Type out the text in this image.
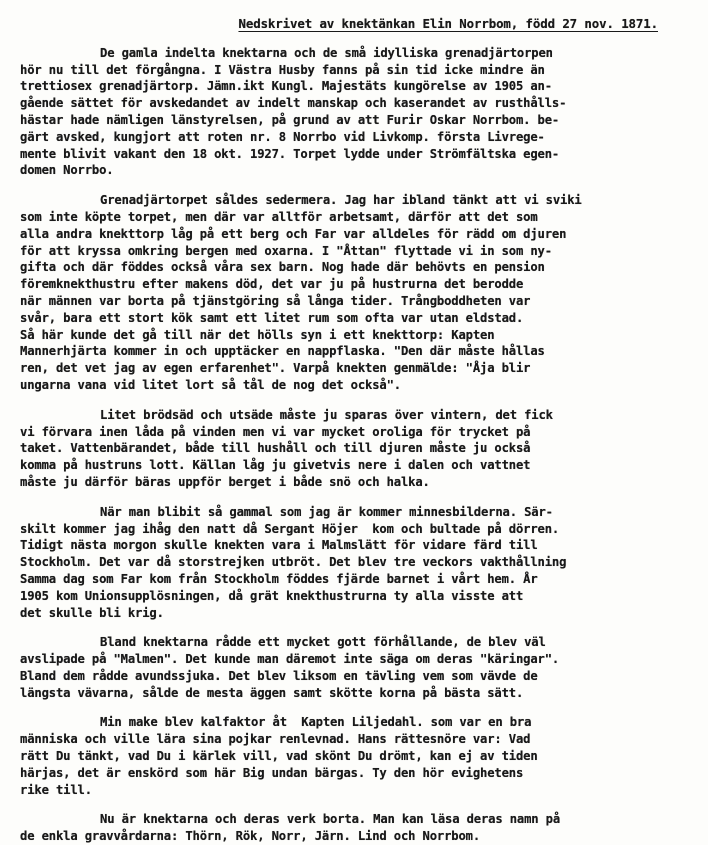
Nedskrivet av knektänkan Elin Norrbom, född 27 nov. 1871.
De gamla indelta knektarna och de små idylliska grenadjärtorpen
hör nu till det förgångna. I Västra Husby fanns på sin tid icke mindre än
trettiosex grenadjärtorp. Jämn.ikt Kungl. Majestäts kungörelse av 1905 an-
gående sättet för avskedandet av indelt manskap och kaserandet av rusthålls-
hästar hade nämligen länstyrelsen, på grund av att Furir Oskar Norrbom. be-
gärt avsked, kungjort att roten nr. 8 Norrbo vid Livkomp. första Livrege-
mente blivit vakant den 18 okt. 1927. Torpet lydde under Strömfältska egen-
domen Norrbo.
Grenadjärtorpet såldes sedermera. Jag har ibland tänkt att vi sviki
som inte köpte torpet, men där var alltför arbetsamt, därför att det som
alla andra knekttorp låg på ett berg och Far var alldeles för rädd om djuren
för att kryssa omkring bergen med oxarna. I "Åttan" flyttade vi in som ny-
gifta och där föddes också våra sex barn. Nog hade där behövts en pension
föremknekthustru efter makens död, det var ju på hustrurna det berodde
när männen var borta på tjänstgöring så långa tider. Trångboddheten var
svår, bara ett stort kök samt ett litet rum som ofta var utan eldstad.
Så här kunde det gå till när det hölls syn i ett knekttorp: Kapten
Mannerhjärta kommer in och upptäcker en nappflaska. "Den där måste hållas
ren, det vet jag av egen erfarenhet". Varpå knekten genmälde: "Åja blir
ungarna vana vid litet lort så tål de nog det också".
Litet brödsäd och utsäde måste ju sparas över vintern, det fick
vi förvara inen låda på vinden men vi var mycket oroliga för trycket på
taket. Vattenbärandet, både till hushåll och till djuren måste ju också
komma på hustruns lott. Källan låg ju givetvis nere i dalen och vattnet
måste ju därför bäras uppför berget i både snö och halka.
När man blibit så gammal som jag är kommer minnesbilderna. Sär-
skilt kommer jag ihåg den natt då Sergant Höjer  kom och bultade på dörren.
Tidigt nästa morgon skulle knekten vara i Malmslätt för vidare färd till
Stockholm. Det var då storstrejken utbröt. Det blev tre veckors vakthållning
Samma dag som Far kom från Stockholm föddes fjärde barnet i vårt hem. År
1905 kom Unionsupplösningen, då grät knekthustrurna ty alla visste att
det skulle bli krig.
Bland knektarna rådde ett mycket gott förhållande, de blev väl
avslipade på "Malmen". Det kunde man däremot inte säga om deras "käringar".
Bland dem rådde avundssjuka. Det blev liksom en tävling vem som vävde de
längsta vävarna, sålde de mesta äggen samt skötte korna på bästa sätt.
Min make blev kalfaktor åt  Kapten Liljedahl. som var en bra
människa och ville lära sina pojkar renlevnad. Hans rättesnöre var: Vad
rätt Du tänkt, vad Du i kärlek vill, vad skönt Du drömt, kan ej av tiden
härjas, det är enskörd som här Big undan bärgas. Ty den hör evighetens
rike till.
Nu är knektarna och deras verk borta. Man kan läsa deras namn på
de enkla gravvårdarna: Thörn, Rök, Norr, Järn. Lind och Norrbom.
